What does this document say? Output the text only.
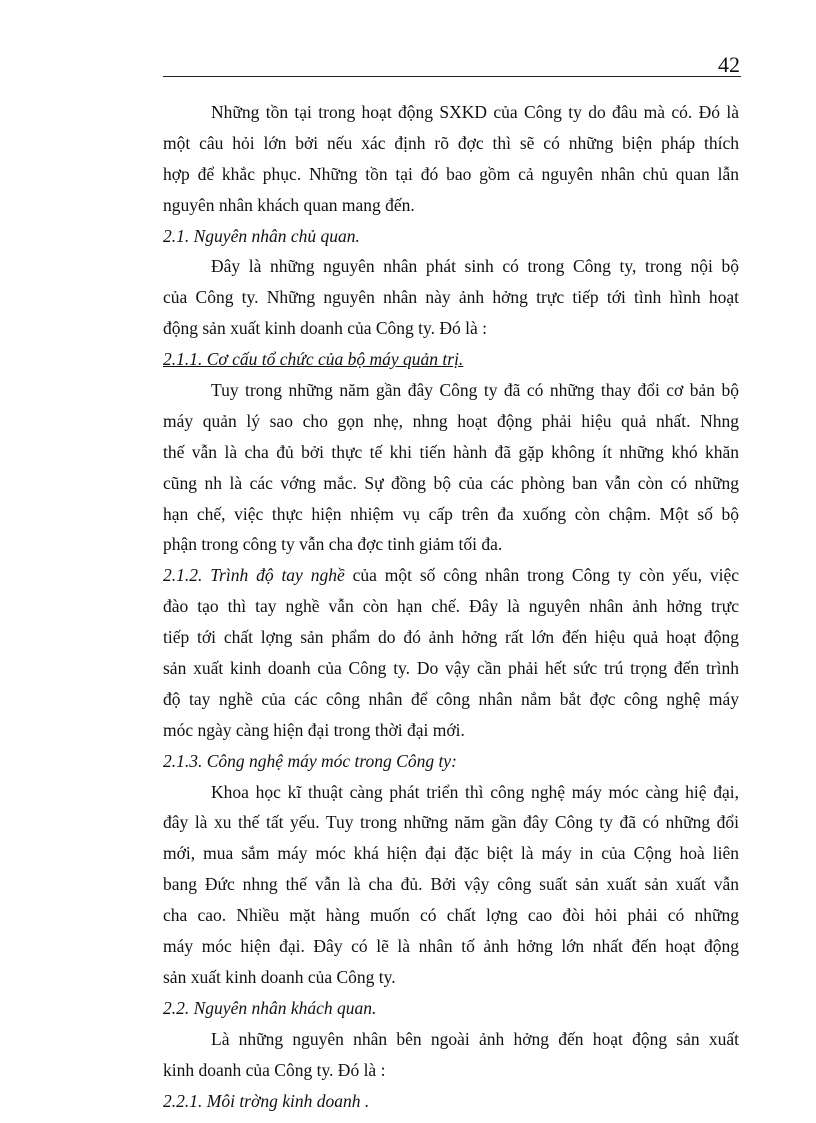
42
Những tồn tại trong hoạt động SXKD của Công ty do đâu mà có. Đó là
một câu hỏi lớn bởi nếu xác định rõ đợc thì sẽ có những biện pháp thích
hợp để khắc phục. Những tồn tại đó bao gồm cả nguyên nhân chủ quan lẫn
nguyên nhân khách quan mang đến.
2.1. Nguyên nhân chủ quan.
Đây là những nguyên nhân phát sinh có trong Công ty, trong nội bộ
của Công ty. Những nguyên nhân này ảnh hởng trực tiếp tới tình hình hoạt
động sản xuất kinh doanh của Công ty. Đó là :
2.1.1. Cơ cấu tổ chức của bộ máy quản trị.
Tuy trong những năm gần đây Công ty đã có những thay đổi cơ bản bộ
máy quản lý sao cho gọn nhẹ, nhng hoạt động phải hiệu quả nhất. Nhng
thế vẫn là cha đủ bởi thực tế khi tiến hành đã gặp không ít những khó khăn
cũng nh là các vớng mắc. Sự đồng bộ của các phòng ban vẫn còn có những
hạn chế, việc thực hiện nhiệm vụ cấp trên đa xuống còn chậm. Một số bộ
phận trong công ty vẫn cha đợc tinh giảm tối đa.
2.1.2. Trình độ tay nghề của một số công nhân trong Công ty còn yếu, việc
đào tạo thì tay nghề vẫn còn hạn chế. Đây là nguyên nhân ảnh hởng trực
tiếp tới chất lợng sản phẩm do đó ảnh hởng rất lớn đến hiệu quả hoạt động
sản xuất kinh doanh của Công ty. Do vậy cần phải hết sức trú trọng đến trình
độ tay nghề của các công nhân để công nhân nắm bắt đợc công nghệ máy
móc ngày càng hiện đại trong thời đại mới.
2.1.3. Công nghệ máy móc trong Công ty:
Khoa học kĩ thuật càng phát triển thì công nghệ máy móc càng hiệ đại,
đây là xu thế tất yếu. Tuy trong những năm gần đây Công ty đã có những đổi
mới, mua sắm máy móc khá hiện đại đặc biệt là máy in của Cộng hoà liên
bang Đức nhng thế vẫn là cha đủ. Bởi vậy công suất sản xuất sản xuất vẫn
cha cao. Nhiều mặt hàng muốn có chất lợng cao đòi hỏi phải có những
máy móc hiện đại. Đây có lẽ là nhân tố ảnh hởng lớn nhất đến hoạt động
sản xuất kinh doanh của Công ty.
2.2. Nguyên nhân khách quan.
Là những nguyên nhân bên ngoài ảnh hởng đến hoạt động sản xuất
kinh doanh của Công ty. Đó là :
2.2.1. Môi trờng kinh doanh .
